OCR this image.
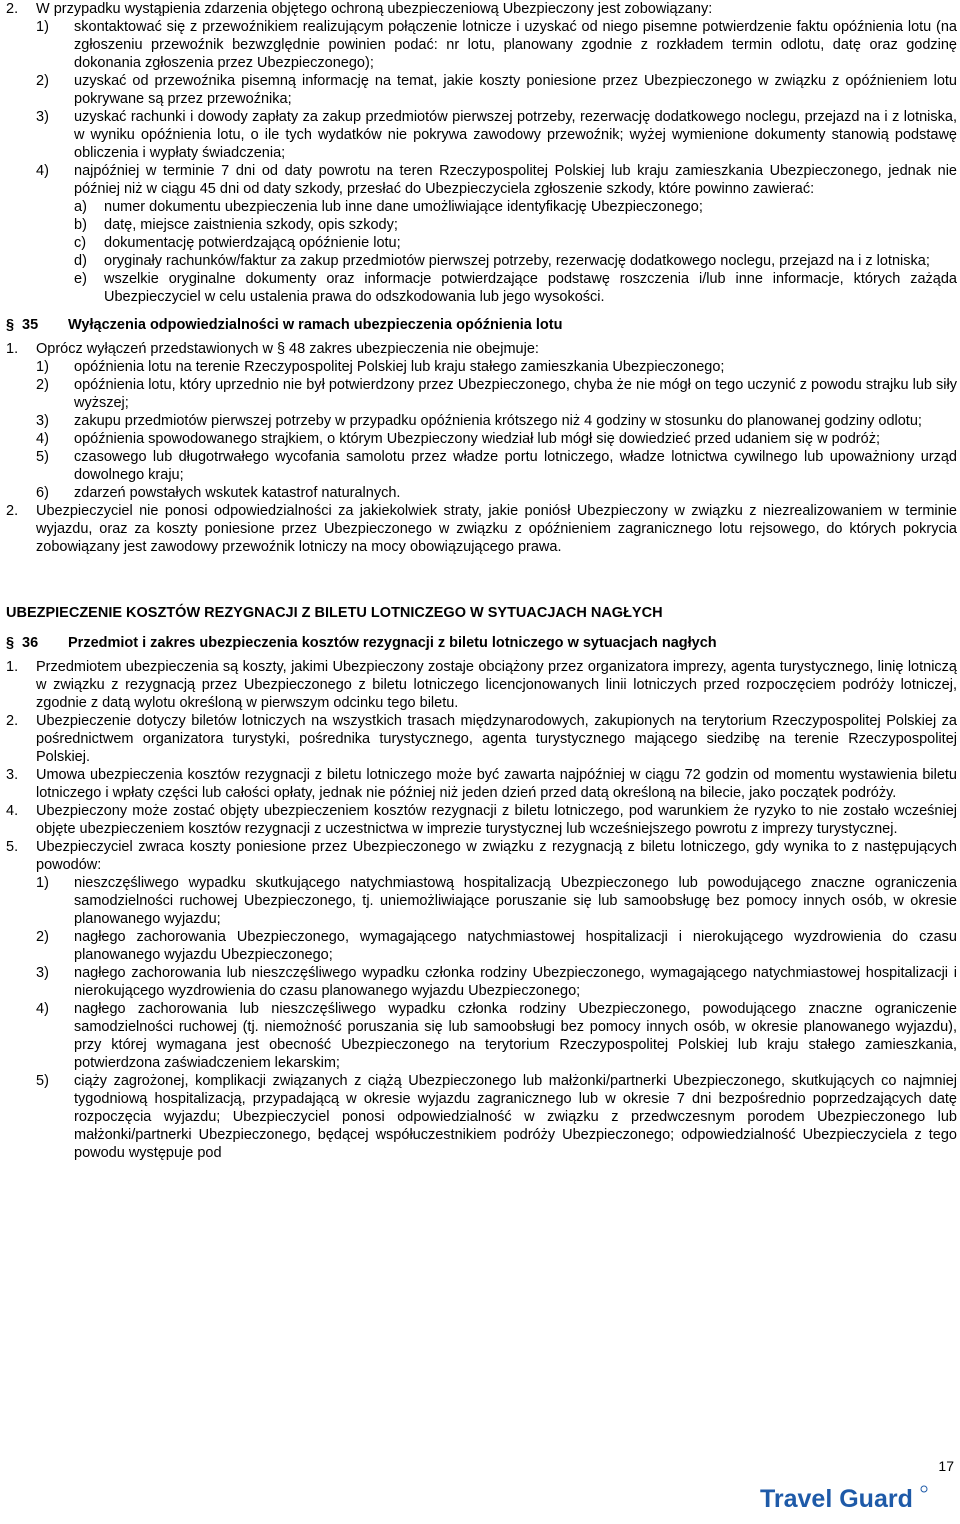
2.	W przypadku wystąpienia zdarzenia objętego ochroną ubezpieczeniową Ubezpieczony jest zobowiązany:
1)	skontaktować się z przewoźnikiem realizującym połączenie lotnicze i uzyskać od niego pisemne potwierdzenie faktu opóźnienia lotu (na zgłoszeniu przewoźnik bezwzględnie powinien podać: nr lotu, planowany zgodnie z rozkładem termin odlotu, datę oraz godzinę dokonania zgłoszenia przez Ubezpieczonego);
2)	uzyskać od przewoźnika pisemną informację na temat, jakie koszty poniesione przez Ubezpieczonego w związku z opóźnieniem lotu pokrywane są przez przewoźnika;
3)	uzyskać rachunki i dowody zapłaty za zakup przedmiotów pierwszej potrzeby, rezerwację dodatkowego noclegu, przejazd na i z lotniska, w wyniku opóźnienia lotu, o ile tych wydatków nie pokrywa zawodowy przewoźnik; wyżej wymienione dokumenty stanowią podstawę obliczenia i wypłaty świadczenia;
4)	najpóźniej w terminie 7 dni od daty powrotu na teren Rzeczypospolitej Polskiej lub kraju zamieszkania Ubezpieczonego, jednak nie później niż w ciągu 45 dni od daty szkody, przesłać do Ubezpieczyciela zgłoszenie szkody, które powinno zawierać:
a)	numer dokumentu ubezpieczenia lub inne dane umożliwiające identyfikację Ubezpieczonego;
b)	datę, miejsce zaistnienia szkody, opis szkody;
c)	dokumentację potwierdzającą opóźnienie lotu;
d)	oryginały rachunków/faktur za zakup przedmiotów pierwszej potrzeby, rezerwację dodatkowego noclegu, przejazd na i z lotniska;
e)	wszelkie oryginalne dokumenty oraz informacje potwierdzające podstawę roszczenia i/lub inne informacje, których zażąda Ubezpieczyciel w celu ustalenia prawa do odszkodowania lub jego wysokości.
§ 35	Wyłączenia odpowiedzialności w ramach ubezpieczenia opóźnienia lotu
1.	Oprócz wyłączeń przedstawionych w § 48 zakres ubezpieczenia nie obejmuje:
1)	opóźnienia lotu na terenie Rzeczypospolitej Polskiej lub kraju stałego zamieszkania Ubezpieczonego;
2)	opóźnienia lotu, który uprzednio nie był potwierdzony przez Ubezpieczonego, chyba że nie mógł on tego uczynić z powodu strajku lub siły wyższej;
3)	zakupu przedmiotów pierwszej potrzeby w przypadku opóźnienia krótszego niż 4 godziny w stosunku do planowanej godziny odlotu;
4)	opóźnienia spowodowanego strajkiem, o którym Ubezpieczony wiedział lub mógł się dowiedzieć przed udaniem się w podróż;
5)	czasowego lub długotrwałego wycofania samolotu przez władze portu lotniczego, władze lotnictwa cywilnego lub upoważniony urząd dowolnego kraju;
6)	zdarzeń powstałych wskutek katastrof naturalnych.
2.	Ubezpieczyciel nie ponosi odpowiedzialności za jakiekolwiek straty, jakie poniósł Ubezpieczony w związku z niezrealizowaniem w terminie wyjazdu, oraz za koszty poniesione przez Ubezpieczonego w związku z opóźnieniem zagranicznego lotu rejsowego, do których pokrycia zobowiązany jest zawodowy przewoźnik lotniczy na mocy obowiązującego prawa.
UBEZPIECZENIE KOSZTÓW REZYGNACJI Z BILETU LOTNICZEGO W SYTUACJACH NAGŁYCH
§ 36	Przedmiot i zakres ubezpieczenia kosztów rezygnacji z biletu lotniczego w sytuacjach nagłych
1.	Przedmiotem ubezpieczenia są koszty, jakimi Ubezpieczony zostaje obciążony przez organizatora imprezy, agenta turystycznego, linię lotniczą w związku z rezygnacją przez Ubezpieczonego z biletu lotniczego licencjonowanych linii lotniczych przed rozpoczęciem podróży lotniczej, zgodnie z datą wylotu określoną w pierwszym odcinku tego biletu.
2.	Ubezpieczenie dotyczy biletów lotniczych na wszystkich trasach międzynarodowych, zakupionych na terytorium Rzeczypospolitej Polskiej za pośrednictwem organizatora turystyki, pośrednika turystycznego, agenta turystycznego mającego siedzibę na terenie Rzeczypospolitej Polskiej.
3.	Umowa ubezpieczenia kosztów rezygnacji z biletu lotniczego może być zawarta najpóźniej w ciągu 72 godzin od momentu wystawienia biletu lotniczego i wpłaty części lub całości opłaty, jednak nie później niż jeden dzień przed datą określoną na bilecie, jako początek podróży.
4.	Ubezpieczony może zostać objęty ubezpieczeniem kosztów rezygnacji z biletu lotniczego, pod warunkiem że ryzyko to nie zostało wcześniej objęte ubezpieczeniem kosztów rezygnacji z uczestnictwa w imprezie turystycznej lub wcześniejszego powrotu z imprezy turystycznej.
5.	Ubezpieczyciel zwraca koszty poniesione przez Ubezpieczonego w związku z rezygnacją z biletu lotniczego, gdy wynika to z następujących powodów:
1)	nieszczęśliwego wypadku skutkującego natychmiastową hospitalizacją Ubezpieczonego lub powodującego znaczne ograniczenia samodzielności ruchowej Ubezpieczonego, tj. uniemożliwiające poruszanie się lub samoobsługę bez pomocy innych osób, w okresie planowanego wyjazdu;
2)	nagłego zachorowania Ubezpieczonego, wymagającego natychmiastowej hospitalizacji i nierokującego wyzdrowienia do czasu planowanego wyjazdu Ubezpieczonego;
3)	nagłego zachorowania lub nieszczęśliwego wypadku członka rodziny Ubezpieczonego, wymagającego natychmiastowej hospitalizacji i nierokującego wyzdrowienia do czasu planowanego wyjazdu Ubezpieczonego;
4)	nagłego zachorowania lub nieszczęśliwego wypadku członka rodziny Ubezpieczonego, powodującego znaczne ograniczenie samodzielności ruchowej (tj. niemożność poruszania się lub samoobsługi bez pomocy innych osób, w okresie planowanego wyjazdu), przy której wymagana jest obecność Ubezpieczonego na terytorium Rzeczypospolitej Polskiej lub kraju stałego zamieszkania, potwierdzona zaświadczeniem lekarskim;
5)	ciąży zagrożonej, komplikacji związanych z ciążą Ubezpieczonego lub małżonki/partnerki Ubezpieczonego, skutkujących co najmniej tygodniową hospitalizacją, przypadającą w okresie wyjazdu zagranicznego lub w okresie 7 dni bezpośrednio poprzedzających datę rozpoczęcia wyjazdu; Ubezpieczyciel ponosi odpowiedzialność w związku z przedwczesnym porodem Ubezpieczonego lub małżonki/partnerki Ubezpieczonego, będącej współuczestnikiem podróży Ubezpieczonego; odpowiedzialność Ubezpieczyciela z tego powodu występuje pod
17
Travel Guard
